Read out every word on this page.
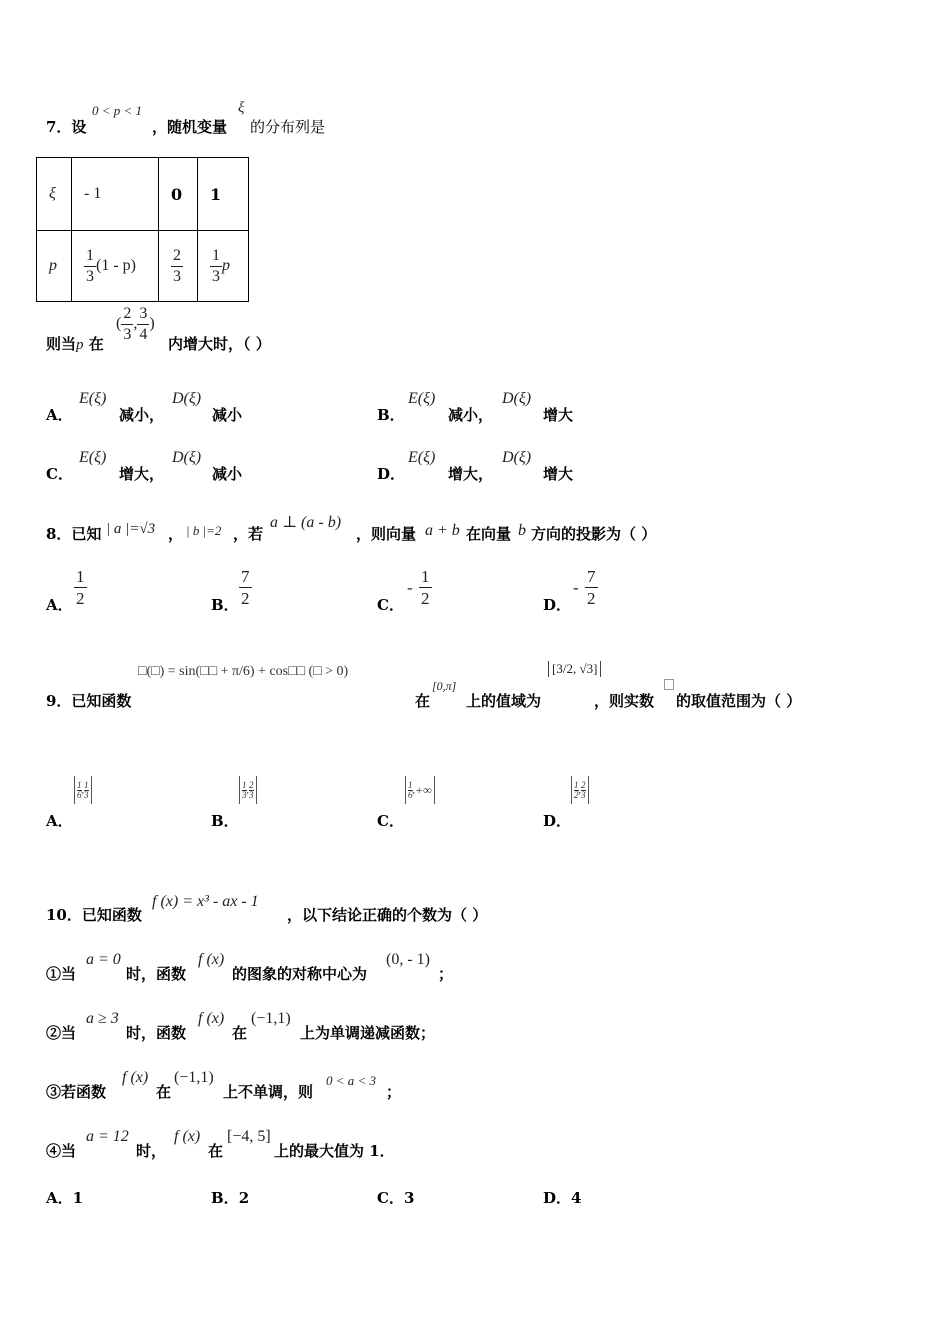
7．设
0 < p < 1
，随机变量
ξ
的分布列是
ξ	- 1	0	1
p	$\frac{1}{3} (1 - p)$	$\frac{2}{3}$	$\frac{1}{3}$ p
则当p 在
( $\frac{2}{3}$ , $\frac{3}{4}$ )
内增大时，（ ）
A．
E(ξ)
减小，
D(ξ)
减小	B．
E(ξ)
减小，
D(ξ)
增大
C．
E(ξ)
增大，
D(ξ)
减小	D．
E(ξ)
增大，
D(ξ)
增大
8．已知 | a |=√3 ， | b |=2 ，若
a ⊥ (a - b)
，则向量 a + b 在向量 b 方向的投影为（ ）
A． $\frac{1}{2}$	B． $\frac{7}{2}$	C．
- $\frac{1}{2}$	D．
- $\frac{7}{2}$
9．已知函数
□(□) = sin(□□ + π/6) + cos□□ (□ > 0)
在
[0,π]
上的值域为
[3/2, √3]
，则实数 的取值范围为（ ）
A．
1
6 , 1
3
B．
1
3 , 2
3
C．
1
6 , +∞
D．
1
2 , 2
3
10．已知函数
f (x) = x³ - ax - 1
，以下结论正确的个数为（ ）
①当
a = 0
时，函数
f (x)
的图象的对称中心为
(0, - 1)
；
②当
a ≥ 3
时，函数
f (x)
在
(−1,1)
上为单调递减函数；
③若函数
f (x)
在
(−1,1)
上不单调，则
0 < a < 3
；
④当
a = 12
时，
f (x)
在
[−4, 5]
上的最大值为 1．
A．1	B．2	C．3	D．4
